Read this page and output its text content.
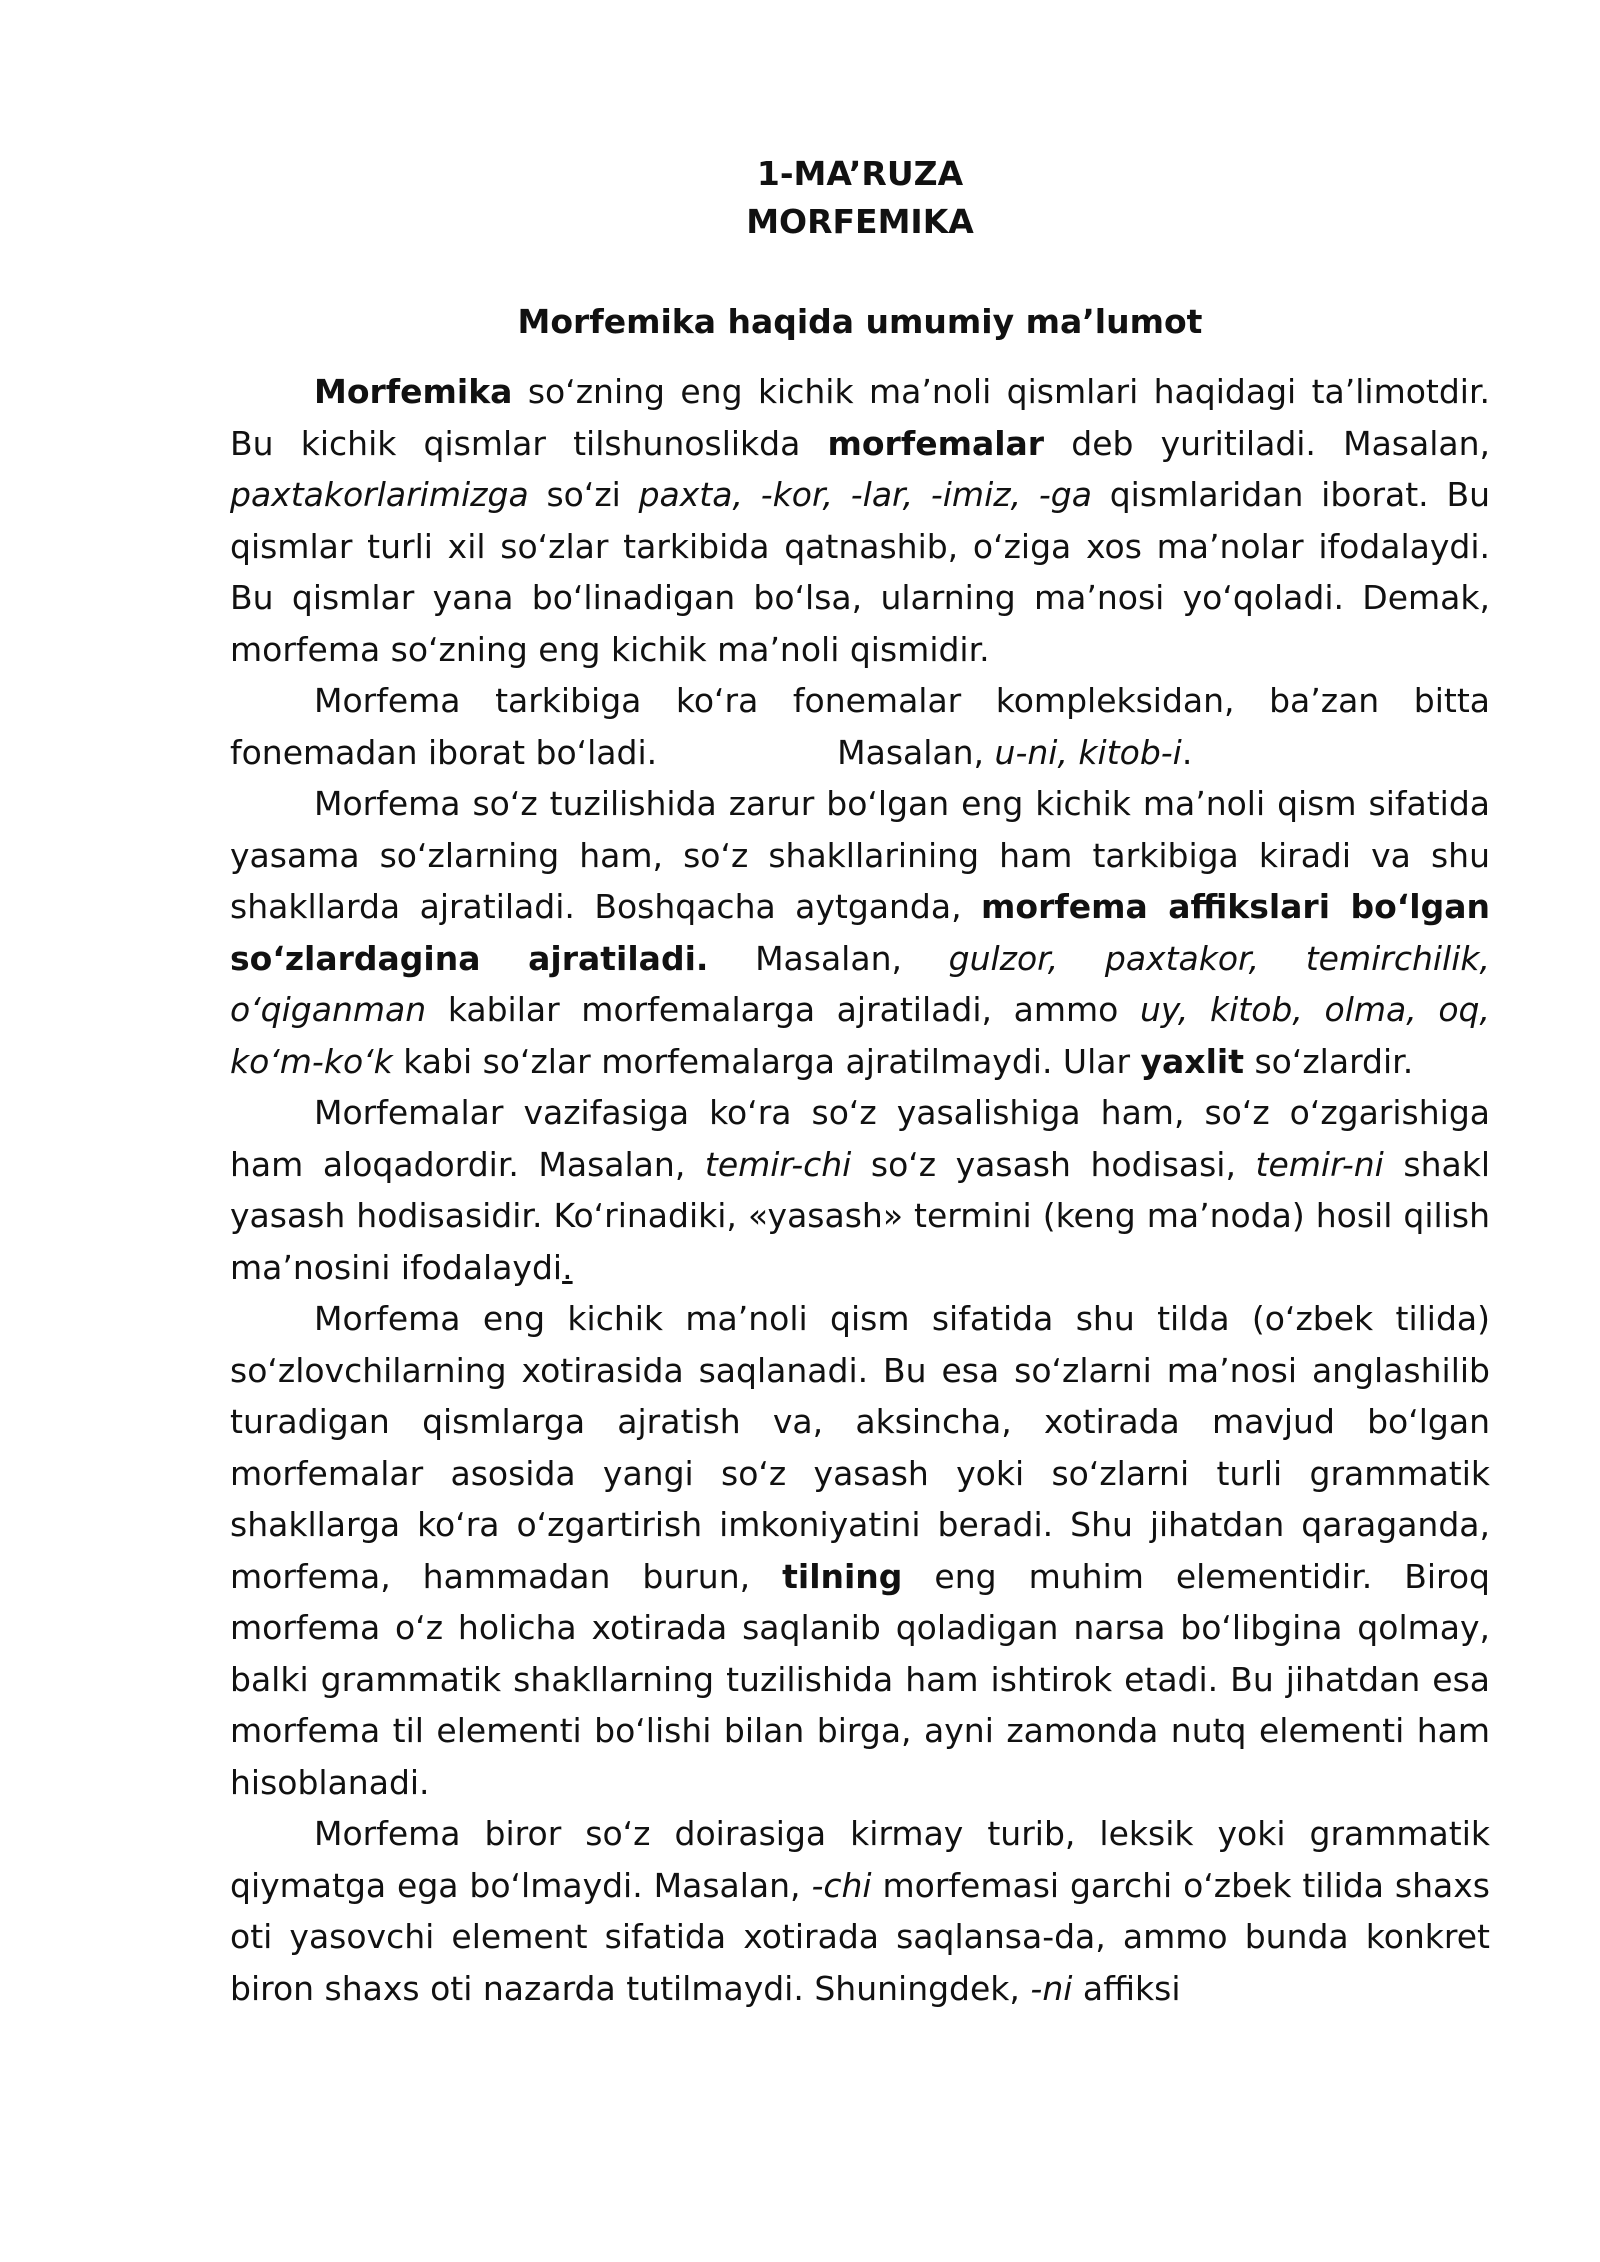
1-MA’RUZA

MORFEMIKA

Morfemika haqida umumiy ma’lumot

Morfemika so‘zning eng kichik ma’noli qismlari haqidagi ta’limotdir. Bu kichik qismlar tilshunoslikda morfemalar deb yuritiladi. Masalan, paxtakorlarimizga so‘zi paxta, -kor, -lar, -imiz, -ga qismlaridan iborat. Bu qismlar turli xil so‘zlar tarkibida qatnashib, o‘ziga xos ma’nolar ifodalaydi. Bu qismlar yana bo‘linadigan bo‘lsa, ularning ma’nosi yo‘qoladi. Demak, morfema so‘zning eng kichik ma’noli qismidir.

Morfema tarkibiga ko‘ra fonemalar kompleksidan, ba’zan bitta fonemadan iborat bo‘ladi.	Masalan, u-ni, kitob-i.

Morfema so‘z tuzilishida zarur bo‘lgan eng kichik ma’noli qism sifatida yasama so‘zlarning ham, so‘z shakllarining ham tarkibiga kiradi va shu shakllarda ajratiladi. Boshqacha aytganda, morfema affikslari bo‘lgan so‘zlardagina ajratiladi. Masalan, gulzor, paxtakor, temirchilik, o‘qiganman kabilar morfemalarga ajratiladi, ammo uy, kitob, olma, oq, ko‘m-ko‘k kabi so‘zlar morfemalarga ajratilmaydi. Ular yaxlit so‘zlardir.

Morfemalar vazifasiga ko‘ra so‘z yasalishiga ham, so‘z o‘zgarishiga ham aloqadordir. Masalan, temir-chi so‘z yasash hodisasi, temir-ni shakl yasash hodisasidir. Ko‘rinadiki, «yasash» termini (keng ma’noda) hosil qilish ma’nosini ifodalaydi.

Morfema eng kichik ma’noli qism sifatida shu tilda (o‘zbek tilida) so‘zlovchilarning xotirasida saqlanadi. Bu esa so‘zlarni ma’nosi anglashilib turadigan qismlarga ajratish va, aksincha, xotirada mavjud bo‘lgan morfemalar asosida yangi so‘z yasash yoki so‘zlarni turli grammatik shakllarga ko‘ra o‘zgartirish imkoniyatini beradi. Shu jihatdan qaraganda, morfema, hammadan burun, tilning eng muhim elementidir. Biroq morfema o‘z holicha xotirada saqlanib qoladigan narsa bo‘libgina qolmay, balki grammatik shakllarning tuzilishida ham ishtirok etadi. Bu jihatdan esa morfema til elementi bo‘lishi bilan birga, ayni zamonda nutq elementi ham hisoblanadi.

Morfema biror so‘z doirasiga kirmay turib, leksik yoki grammatik qiymatga ega bo‘lmaydi. Masalan, -chi morfemasi garchi o‘zbek tilida shaxs oti yasovchi element sifatida xotirada saqlansa-da, ammo bunda konkret biron shaxs oti nazarda tutilmaydi. Shuningdek, -ni affiksi
